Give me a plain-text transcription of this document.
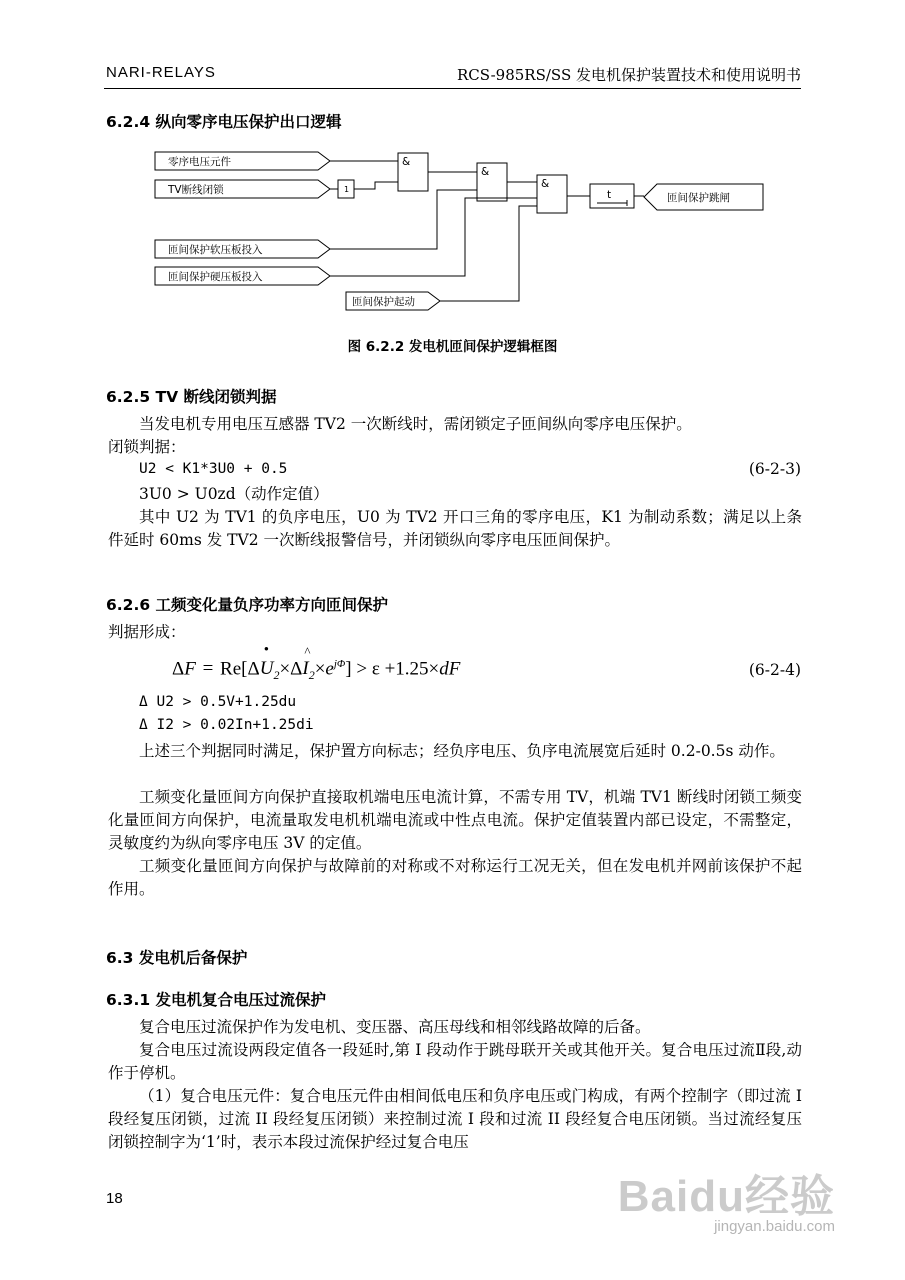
NARI-RELAYS	RCS-985RS/SS 发电机保护装置技术和使用说明书
6.2.4 纵向零序电压保护出口逻辑
零序电压元件
TV断线闭锁
匝间保护软压板投入
匝间保护硬压板投入
匝间保护起动
1
&
&
&
t	匝间保护跳闸
图 6.2.2 发电机匝间保护逻辑框图
6.2.5 TV 断线闭锁判据

当发电机专用电压互感器 TV2 一次断线时，需闭锁定子匝间纵向零序电压保护。

闭锁判据：
U2 < K1*3U0 + 0.5	(6-2-3)
3U0 > U0zd（动作定值）

其中 U2 为 TV1 的负序电压，U0 为 TV2 开口三角的零序电压，K1 为制动系数；满足以上条件延时 60ms 发 TV2 一次断线报警信号，并闭锁纵向零序电压匝间保护。

6.2.6 工频变化量负序功率方向匝间保护
判据形成：
ΔF = Re[Δ
•
$U_2\times\Delta$
^
$I_2\times e^{j\Phi}] > \varepsilon +1.25\times dF$	(6-2-4)
Δ U2 > 0.5V+1.25du
Δ I2 > 0.02In+1.25di

上述三个判据同时满足，保护置方向标志；经负序电压、负序电流展宽后延时 0.2-0.5s 动作。

工频变化量匝间方向保护直接取机端电压电流计算，不需专用 TV，机端 TV1 断线时闭锁工频变化量匝间方向保护，电流量取发电机机端电流或中性点电流。保护定值装置内部已设定，不需整定，灵敏度约为纵向零序电压 3V 的定值。

工频变化量匝间方向保护与故障前的对称或不对称运行工况无关，但在发电机并网前该保护不起作用。

6.3 发电机后备保护
6.3.1 发电机复合电压过流保护

复合电压过流保护作为发电机、变压器、高压母线和相邻线路故障的后备。

复合电压过流设两段定值各一段延时,第 I 段动作于跳母联开关或其他开关。复合电压过流Ⅱ段,动作于停机。

（1）复合电压元件：复合电压元件由相间低电压和负序电压或门构成，有两个控制字（即过流 I 段经复压闭锁，过流 II 段经复压闭锁）来控制过流 I 段和过流 II 段经复合电压闭锁。当过流经复压闭锁控制字为‘1’时，表示本段过流保护经过复合电压

18	Baidu经验
jingyan.baidu.com
